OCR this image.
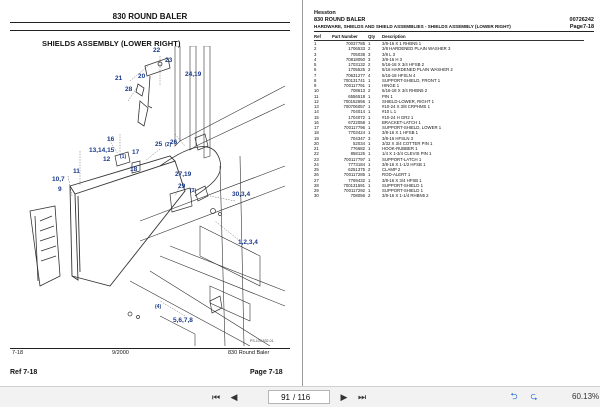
830 ROUND BALER
SHIELDS ASSEMBLY (LOWER RIGHT)
22
23
21 20	24,19
28
16
13,14,15
12
17
25 26
11
10,7
9
18
27,19
29
30,3,4
1,2,3,4
5,6,7,8
(1)
(2)
(3)
(4)
PS-103 832-01
7-18	9/2000	830 Round Baler
Ref 7-18	Page 7-18
Hesston
830 ROUND BALER
HARDWARE, SHIELDS AND SHIELD ASSEMBLIES - SHIELDS ASSEMBLY (LOWER RIGHT)
00726242
Page7-18
Ref	Part Number	Qty	Description
1	70037785	1	3/8-16 X 1 RHBN5 1
2	1706533	2	3/8 HARDENED PLAIN WASHER 3
3	705038	3	3/8 L 3
4	70818050	3	3/8-16 H 3
5	1703132	2	5/16-18 X 3/4 HFSB 2
6	1705525	2	5/16 HARDENED PLAIN WASHER 2
7	70631277	4	5/16-18 HFSLN 4
8	700131741	1	SUPPORT-SHIELD, FRONT 1
9	700117791	1	HINGE 1
10	708613	2	5/16-18 X 3/4 RHBN5 2
11	6556518	1	PIN 1
12	700152656	1	SHIELD-LOWER, RIGHT 1
13	700706057	1	#10-24 X 3/8 CRPHMS 1
14	704014	1	#10 L 1
15	1704072	1	#10-24 H GR2 1
16	6722058	1	BRACKET-LATCH 1
17	700117796	1	SUPPORT-SHIELD, LOWER 1
18	7703424	1	3/8-16 X 1 HFSB 1
19	704347	3	3/8-16 HFSLN 3
20	52034	1	3/32 X 3/4 COTTER PIN 1
21	776682	1	HOOK-RUBBER 1
22	858126	1	1/4 X 1-3/4 CLEVIS PIN 1
23	700117797	1	SUPPORT-LATCH 1
24	7773184	1	3/8-16 X 1-1/2 HFSB 1
25	6251375	2	CLAMP 2
26	700117285	1	ROD-ALERT 1
27	7769432	1	3/8-16 X 3/4 HFSB 1
28	700131591	1	SUPPORT-SHIELD 1
29	700117292	1	SUPPORT-SHIELD 1
30	708056	2	3/8-16 X 1-1/4 RHBN5 2
⏮ ◀
91	/ 116	▶ ⏭	⮌ ⮎	60.13%
